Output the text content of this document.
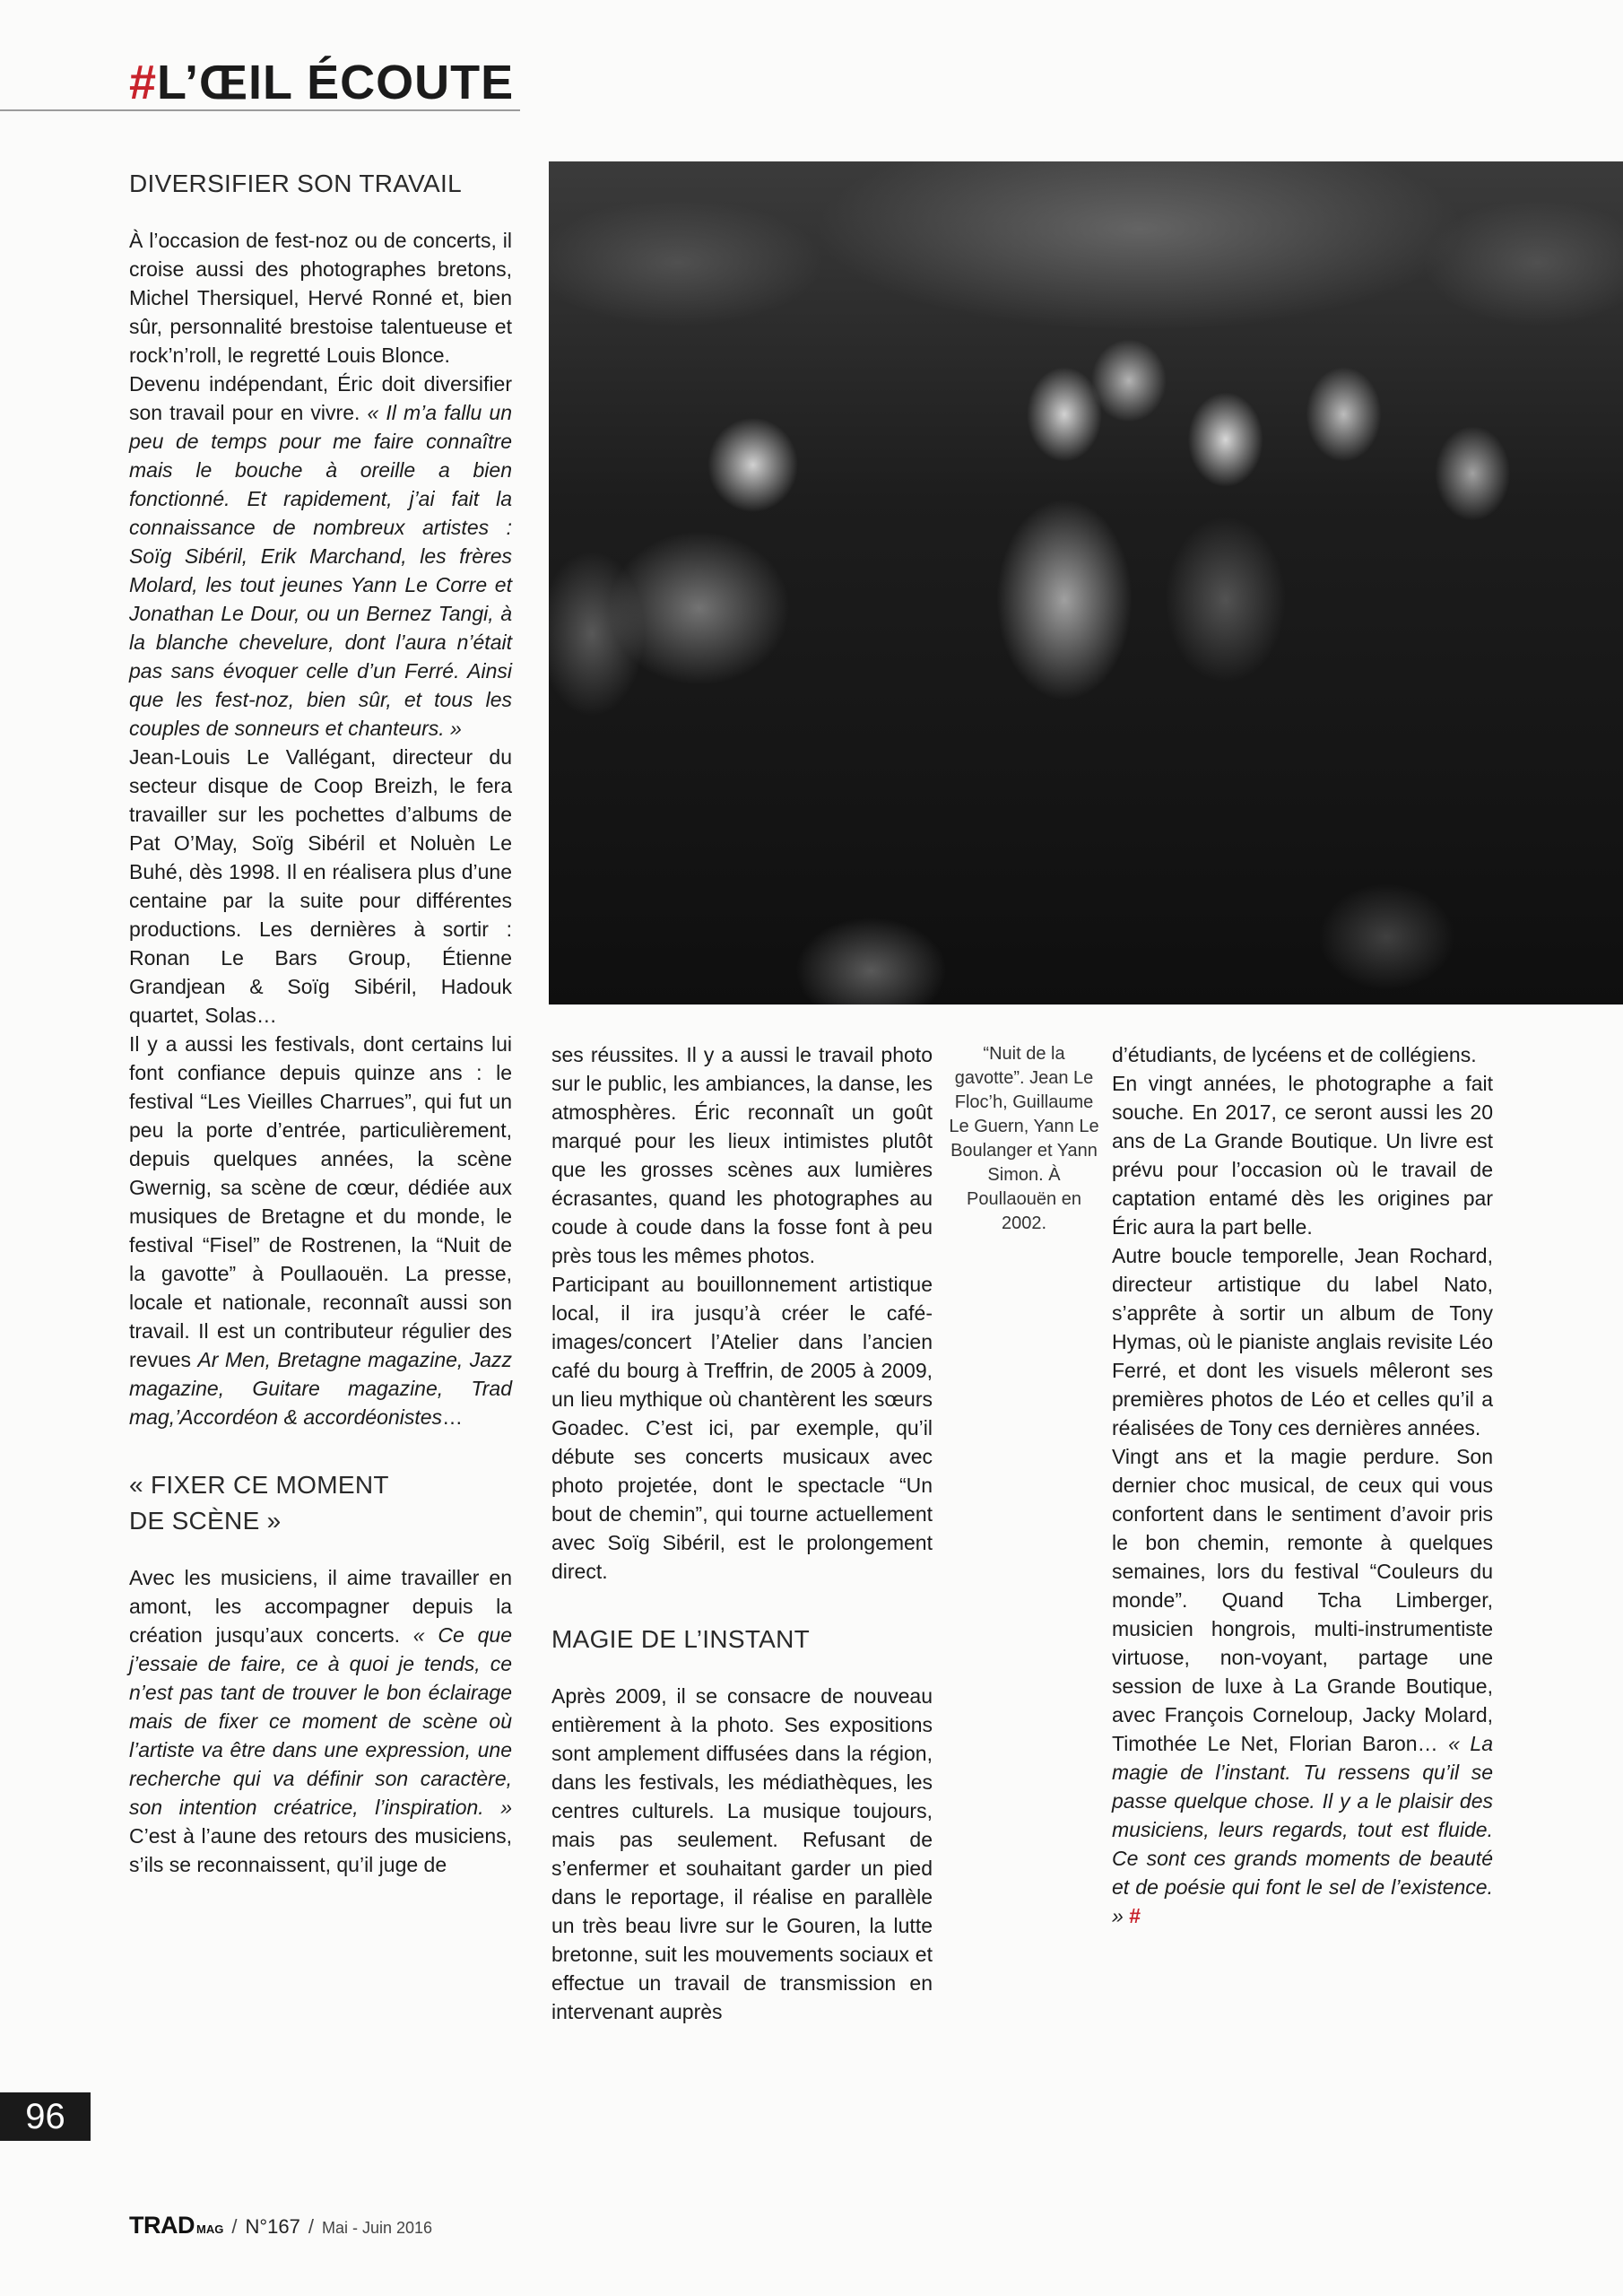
#L’ŒIL ÉCOUTE
DIVERSIFIER SON TRAVAIL

À l’occasion de fest-noz ou de concerts, il croise aussi des photographes bretons, Michel Thersiquel, Hervé Ronné et, bien sûr, personnalité brestoise talentueuse et rock’n’roll, le regretté Louis Blonce.

Devenu indépendant, Éric doit diversifier son travail pour en vivre. « Il m’a fallu un peu de temps pour me faire connaître mais le bouche à oreille a bien fonctionné. Et rapidement, j’ai fait la connaissance de nombreux artistes : Soïg Sibéril, Erik Marchand, les frères Molard, les tout jeunes Yann Le Corre et Jonathan Le Dour, ou un Bernez Tangi, à la blanche chevelure, dont l’aura n’était pas sans évoquer celle d’un Ferré. Ainsi que les fest-noz, bien sûr, et tous les couples de sonneurs et chanteurs. »

Jean-Louis Le Vallégant, directeur du secteur disque de Coop Breizh, le fera travailler sur les pochettes d’albums de Pat O’May, Soïg Sibéril et Noluèn Le Buhé, dès 1998. Il en réalisera plus d’une centaine par la suite pour différentes productions. Les dernières à sortir : Ronan Le Bars Group, Étienne Grandjean & Soïg Sibéril, Hadouk quartet, Solas…

Il y a aussi les festivals, dont certains lui font confiance depuis quinze ans : le festival “Les Vieilles Charrues”, qui fut un peu la porte d’entrée, particulièrement, depuis quelques années, la scène Gwernig, sa scène de cœur, dédiée aux musiques de Bretagne et du monde, le festival “Fisel” de Rostrenen, la “Nuit de la gavotte” à Poullaouën. La presse, locale et nationale, reconnaît aussi son travail. Il est un contributeur régulier des revues Ar Men, Bretagne magazine, Jazz magazine, Guitare magazine, Trad mag,’Accordéon & accordéonistes…

« FIXER CE MOMENT
DE SCÈNE »

Avec les musiciens, il aime travailler en amont, les accompagner depuis la création jusqu’aux concerts. « Ce que j’essaie de faire, ce à quoi je tends, ce n’est pas tant de trouver le bon éclairage mais de fixer ce moment de scène où l’artiste va être dans une expression, une recherche qui va définir son caractère, son intention créatrice, l’inspiration. » C’est à l’aune des retours des musiciens, s’ils se reconnaissent, qu’il juge de

ses réussites. Il y a aussi le travail photo sur le public, les ambiances, la danse, les atmosphères. Éric reconnaît un goût marqué pour les lieux intimistes plutôt que les grosses scènes aux lumières écrasantes, quand les photographes au coude à coude dans la fosse font à peu près tous les mêmes photos.

Participant au bouillonnement artistique local, il ira jusqu’à créer le café-images/concert l’Atelier dans l’ancien café du bourg à Treffrin, de 2005 à 2009, un lieu mythique où chantèrent les sœurs Goadec. C’est ici, par exemple, qu’il débute ses concerts musicaux avec photo projetée, dont le spectacle “Un bout de chemin”, qui tourne actuellement avec Soïg Sibéril, est le prolongement direct.

MAGIE DE L’INSTANT

Après 2009, il se consacre de nouveau entièrement à la photo. Ses expositions sont amplement diffusées dans la région, dans les festivals, les médiathèques, les centres culturels. La musique toujours, mais pas seulement. Refusant de s’enfermer et souhaitant garder un pied dans le reportage, il réalise en parallèle un très beau livre sur le Gouren, la lutte bretonne, suit les mouvements sociaux et effectue un travail de transmission en intervenant auprès

“Nuit de la gavotte”. Jean Le Floc’h, Guillaume Le Guern, Yann Le Boulanger et Yann Simon. À Poullaouën en 2002.

d’étudiants, de lycéens et de collégiens.

En vingt années, le photographe a fait souche. En 2017, ce seront aussi les 20 ans de La Grande Boutique. Un livre est prévu pour l’occasion où le travail de captation entamé dès les origines par Éric aura la part belle.

Autre boucle temporelle, Jean Rochard, directeur artistique du label Nato, s’apprête à sortir un album de Tony Hymas, où le pianiste anglais revisite Léo Ferré, et dont les visuels mêleront ses premières photos de Léo et celles qu’il a réalisées de Tony ces dernières années.

Vingt ans et la magie perdure. Son dernier choc musical, de ceux qui vous confortent dans le sentiment d’avoir pris le bon chemin, remonte à quelques semaines, lors du festival “Couleurs du monde”. Quand Tcha Limberger, musicien hongrois, multi-instrumentiste virtuose, non-voyant, partage une session de luxe à La Grande Boutique, avec François Corneloup, Jacky Molard, Timothée Le Net, Florian Baron… « La magie de l’instant. Tu ressens qu’il se passe quelque chose. Il y a le plaisir des musiciens, leurs regards, tout est fluide. Ce sont ces grands moments de beauté et de poésie qui font le sel de l’existence. » #

96
TRAD MAG / N°167 / Mai - Juin 2016
